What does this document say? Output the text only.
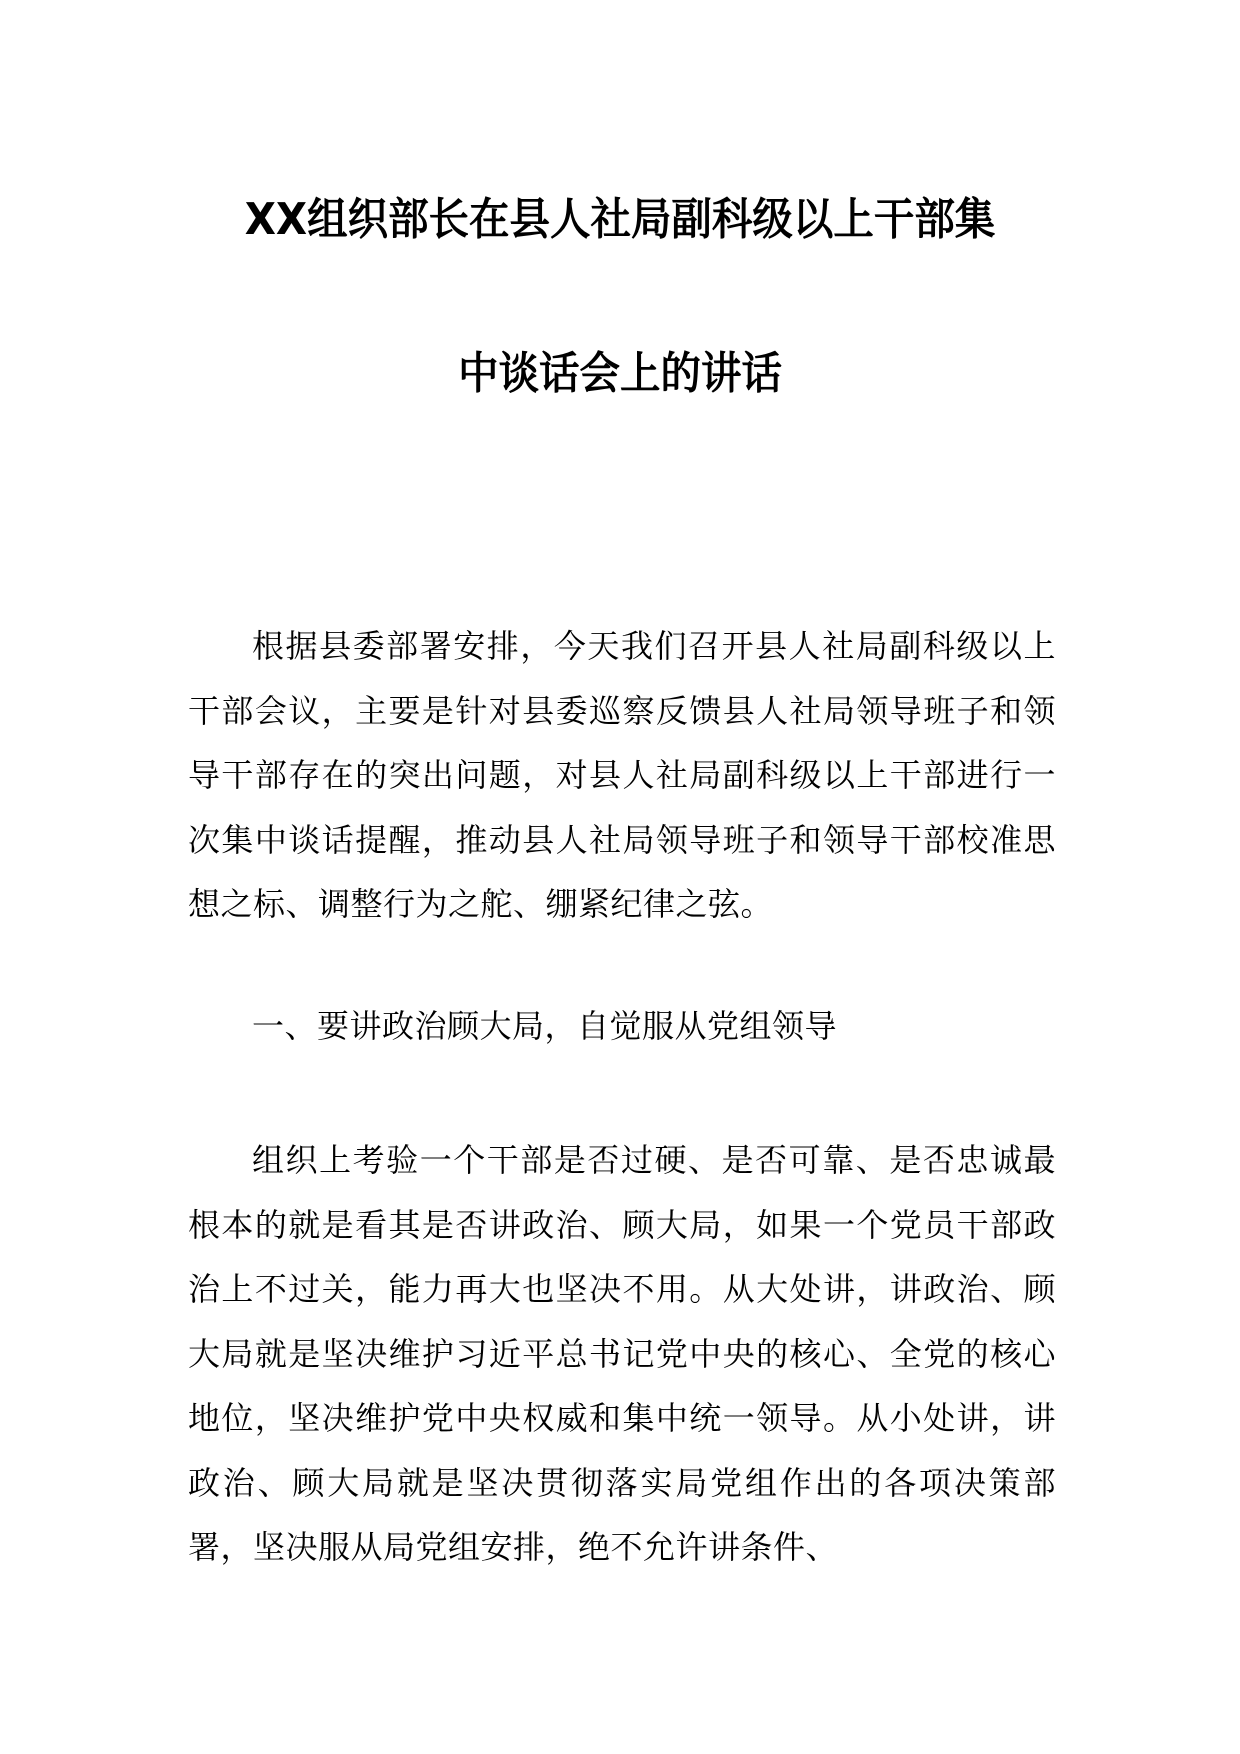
XX组织部长在县人社局副科级以上干部集
中谈话会上的讲话

根据县委部署安排，今天我们召开县人社局副科级以上干部会议，主要是针对县委巡察反馈县人社局领导班子和领导干部存在的突出问题，对县人社局副科级以上干部进行一次集中谈话提醒，推动县人社局领导班子和领导干部校准思想之标、调整行为之舵、绷紧纪律之弦。

一、要讲政治顾大局，自觉服从党组领导

组织上考验一个干部是否过硬、是否可靠、是否忠诚最根本的就是看其是否讲政治、顾大局，如果一个党员干部政治上不过关，能力再大也坚决不用。从大处讲，讲政治、顾大局就是坚决维护习近平总书记党中央的核心、全党的核心地位，坚决维护党中央权威和集中统一领导。从小处讲，讲政治、顾大局就是坚决贯彻落实局党组作出的各项决策部署，坚决服从局党组安排，绝不允许讲条件、
